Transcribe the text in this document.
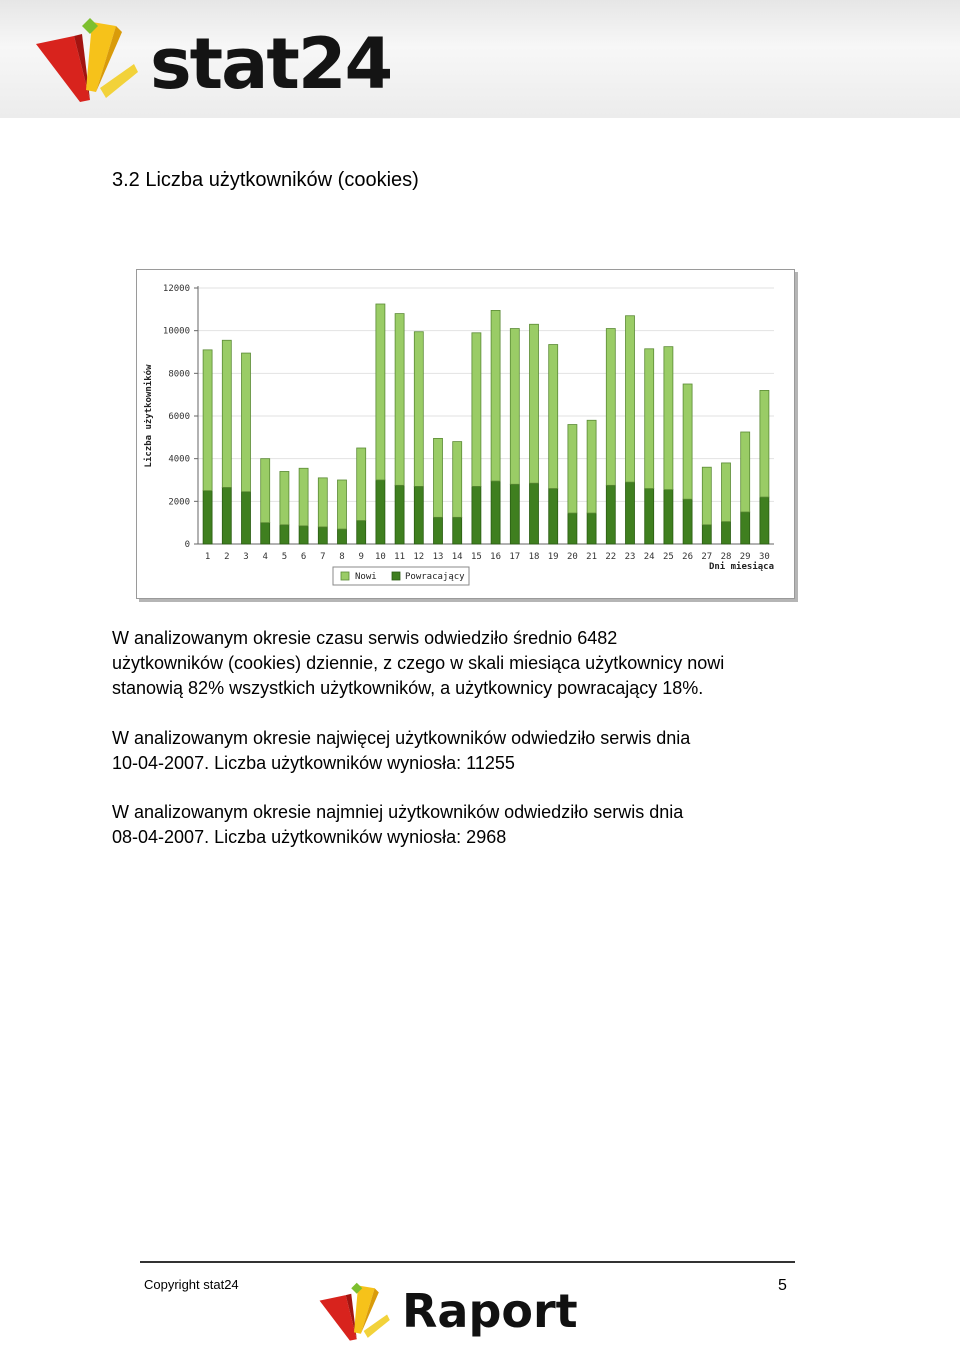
stat24
3.2 Liczba użytkowników (cookies)
0
2000
4000
6000
8000
10000
12000
1 2 3 4 5 6 7 8 9 10 11 12 13 14 15 16 17 18 19 20 21 22 23 24 25 26 27 28 29 30
Liczba użytkowników
Dni miesiąca
Nowi	Powracający
W analizowanym okresie czasu serwis odwiedziło średnio 6482
użytkowników (cookies) dziennie, z czego w skali miesiąca użytkownicy nowi
stanowią 82% wszystkich użytkowników, a użytkownicy powracający 18%.
W analizowanym okresie najwięcej użytkowników odwiedziło serwis dnia
10-04-2007. Liczba użytkowników wyniosła: 11255
W analizowanym okresie najmniej użytkowników odwiedziło serwis dnia
08-04-2007. Liczba użytkowników wyniosła: 2968
Copyright stat24	5
Raport
